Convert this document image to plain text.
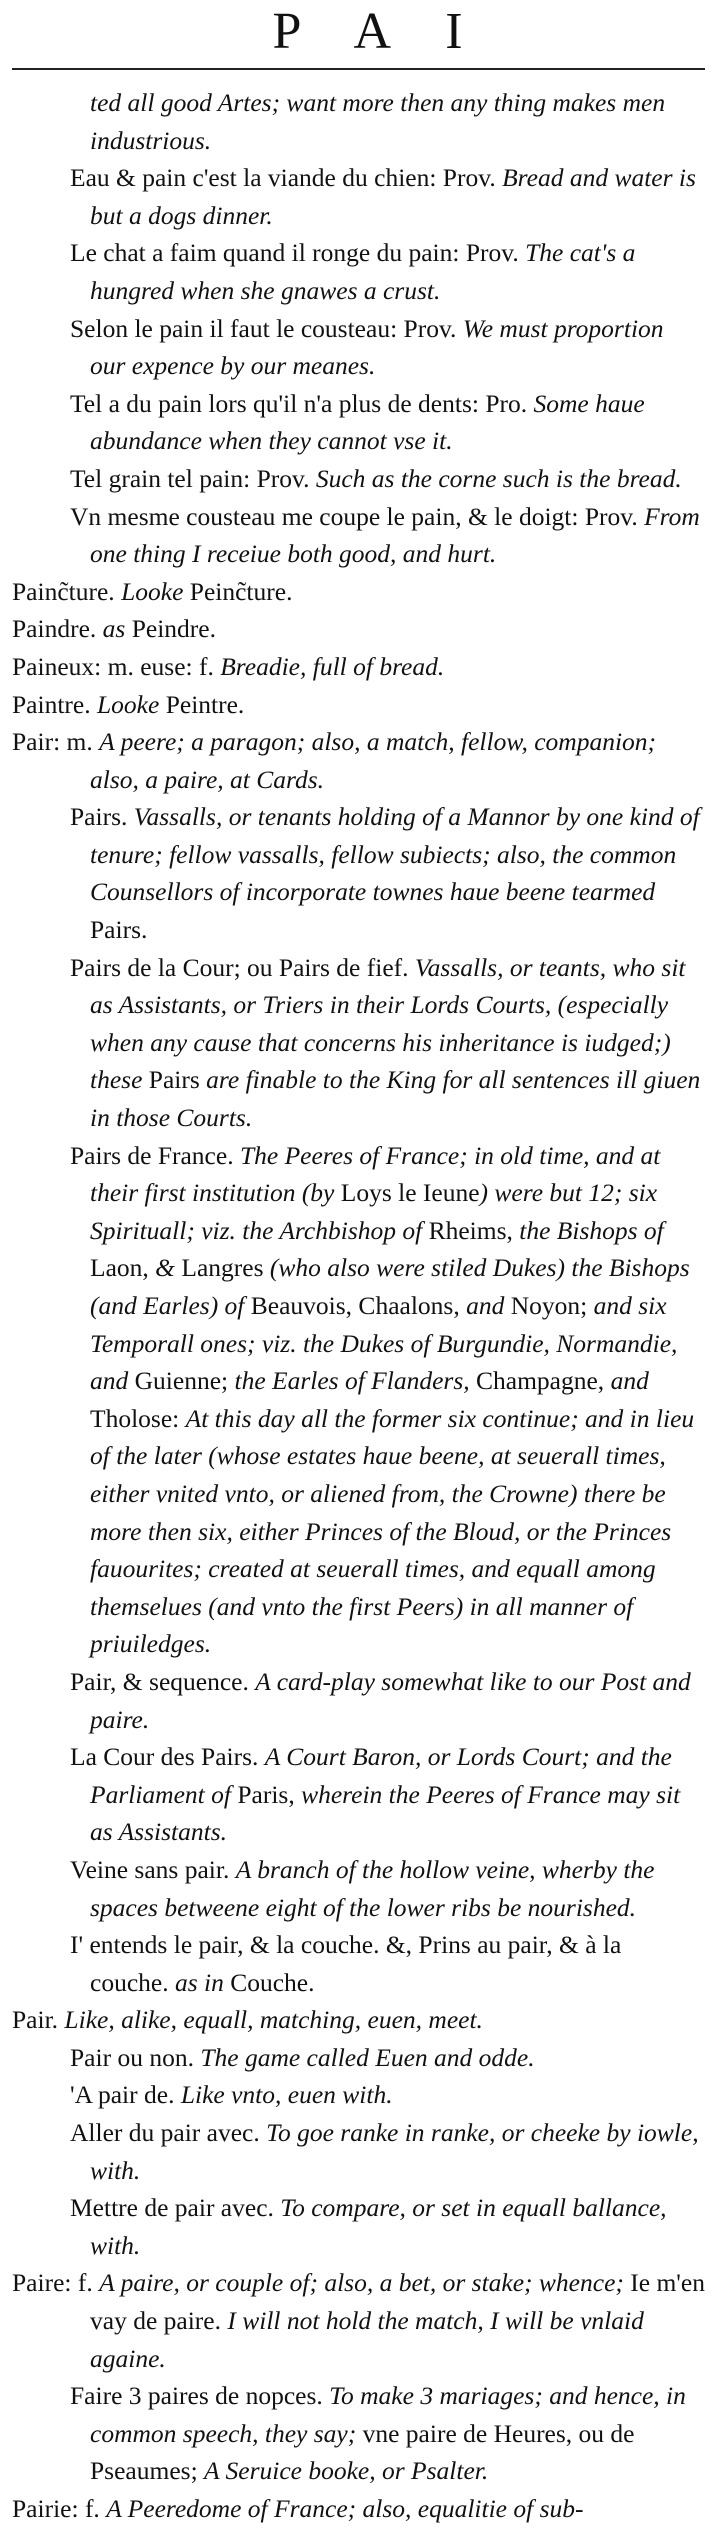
P A I

ted all good Artes; want more then any thing makes men industrious.

Eau & pain c'est la viande du chien: Prov. Bread and water is but a dogs dinner.

Le chat a faim quand il ronge du pain: Prov. The cat's a hungred when she gnawes a crust.

Selon le pain il faut le cousteau: Prov. We must proportion our expence by our meanes.

Tel a du pain lors qu'il n'a plus de dents: Pro. Some haue abundance when they cannot vse it.

Tel grain tel pain: Prov. Such as the corne such is the bread.

Vn mesme cousteau me coupe le pain, & le doigt: Prov. From one thing I receiue both good, and hurt.

Painc̃ture. Looke Peinc̃ture.

Paindre. as Peindre.

Paineux: m. euse: f. Breadie, full of bread.

Paintre. Looke Peintre.

Pair: m. A peere; a paragon; also, a match, fellow, companion; also, a paire, at Cards.

Pairs. Vassalls, or tenants holding of a Mannor by one kind of tenure; fellow vassalls, fellow subiects; also, the common Counsellors of incorporate townes haue beene tearmed Pairs.

Pairs de la Cour; ou Pairs de fief. Vassalls, or teants, who sit as Assistants, or Triers in their Lords Courts, (especially when any cause that concerns his inheritance is iudged;) these Pairs are finable to the King for all sentences ill giuen in those Courts.

Pairs de France. The Peeres of France; in old time, and at their first institution (by Loys le Ieune) were but 12; six Spirituall; viz. the Archbishop of Rheims, the Bishops of Laon, & Langres (who also were stiled Dukes) the Bishops (and Earles) of Beauvois, Chaalons, and Noyon; and six Temporall ones; viz. the Dukes of Burgundie, Normandie, and Guienne; the Earles of Flanders, Champagne, and Tholose: At this day all the former six continue; and in lieu of the later (whose estates haue beene, at seuerall times, either vnited vnto, or aliened from, the Crowne) there be more then six, either Princes of the Bloud, or the Princes fauourites; created at seuerall times, and equall among themselues (and vnto the first Peers) in all manner of priuiledges.

Pair, & sequence. A card-play somewhat like to our Post and paire.

La Cour des Pairs. A Court Baron, or Lords Court; and the Parliament of Paris, wherein the Peeres of France may sit as Assistants.

Veine sans pair. A branch of the hollow veine, wherby the spaces betweene eight of the lower ribs be nourished.

I' entends le pair, & la couche. &, Prins au pair, & à la couche. as in Couche.

Pair. Like, alike, equall, matching, euen, meet.

Pair ou non. The game called Euen and odde.

'A pair de. Like vnto, euen with.

Aller du pair avec. To goe ranke in ranke, or cheeke by iowle, with.

Mettre de pair avec. To compare, or set in equall ballance, with.

Paire: f. A paire, or couple of; also, a bet, or stake; whence; Ie m'en vay de paire. I will not hold the match, I will be vnlaid againe.

Faire 3 paires de nopces. To make 3 mariages; and hence, in common speech, they say; vne paire de Heures, ou de Pseaumes; A Seruice booke, or Psalter.

Pairie: f. A Peeredome of France; also, equalitie of sub-
